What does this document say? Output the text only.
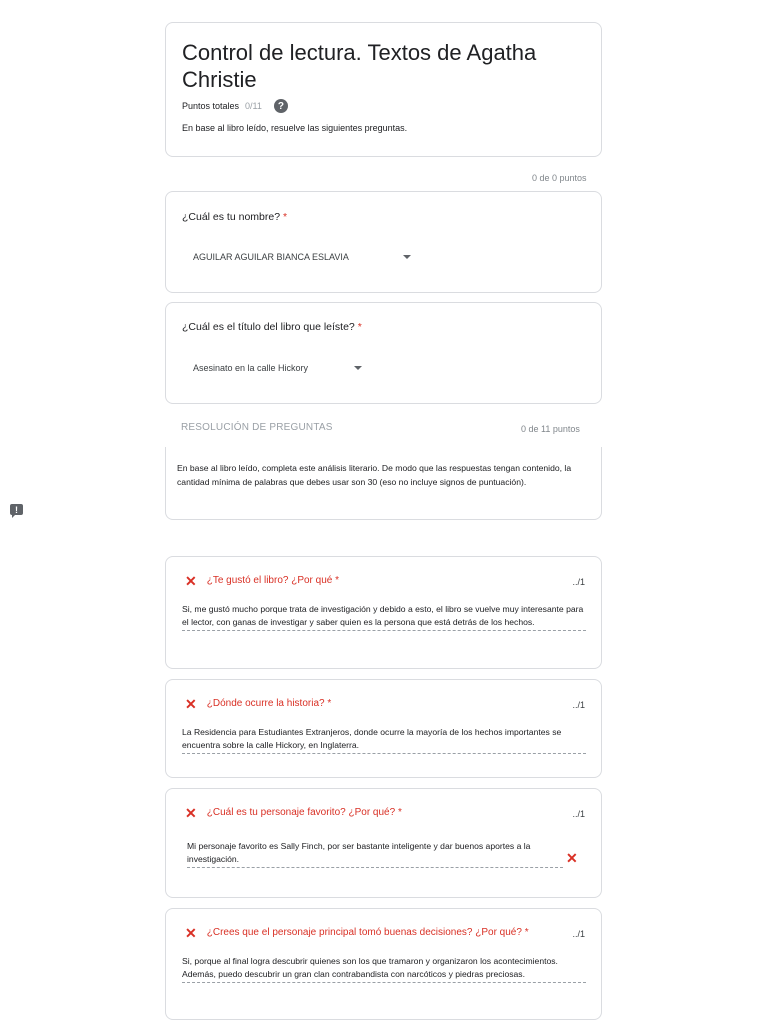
Control de lectura. Textos de Agatha Christie
Puntos totales 0/11	?
En base al libro leído, resuelve las siguientes preguntas.
0 de 0 puntos
¿Cuál es tu nombre? *
AGUILAR AGUILAR BIANCA ESLAVIA
¿Cuál es el título del libro que leíste? *
Asesinato en la calle Hickory
RESOLUCIÓN DE PREGUNTAS	0 de 11 puntos
En base al libro leído, completa este análisis literario. De modo que las respuestas tengan contenido, la cantidad mínima de palabras que debes usar son 30 (eso no incluye signos de puntuación).
!
✕ ¿Te gustó el libro? ¿Por qué *	../1
Si, me gustó mucho porque trata de investigación y debido a esto, el libro se vuelve muy interesante para el lector, con ganas de investigar y saber quien es la persona que está detrás de los hechos.
✕ ¿Dónde ocurre la historia? *	../1
La Residencia para Estudiantes Extranjeros, donde ocurre la mayoría de los hechos importantes se encuentra sobre la calle Hickory, en Inglaterra.
✕ ¿Cuál es tu personaje favorito? ¿Por qué? *	../1
Mi personaje favorito es Sally Finch, por ser bastante inteligente y dar buenos aportes a la investigación.	✕
✕ ¿Crees que el personaje principal tomó buenas decisiones? ¿Por qué? *	../1
Si, porque al final logra descubrir quienes son los que tramaron y organizaron los acontecimientos. Además, puedo descubrir un gran clan contrabandista con narcóticos y piedras preciosas.
